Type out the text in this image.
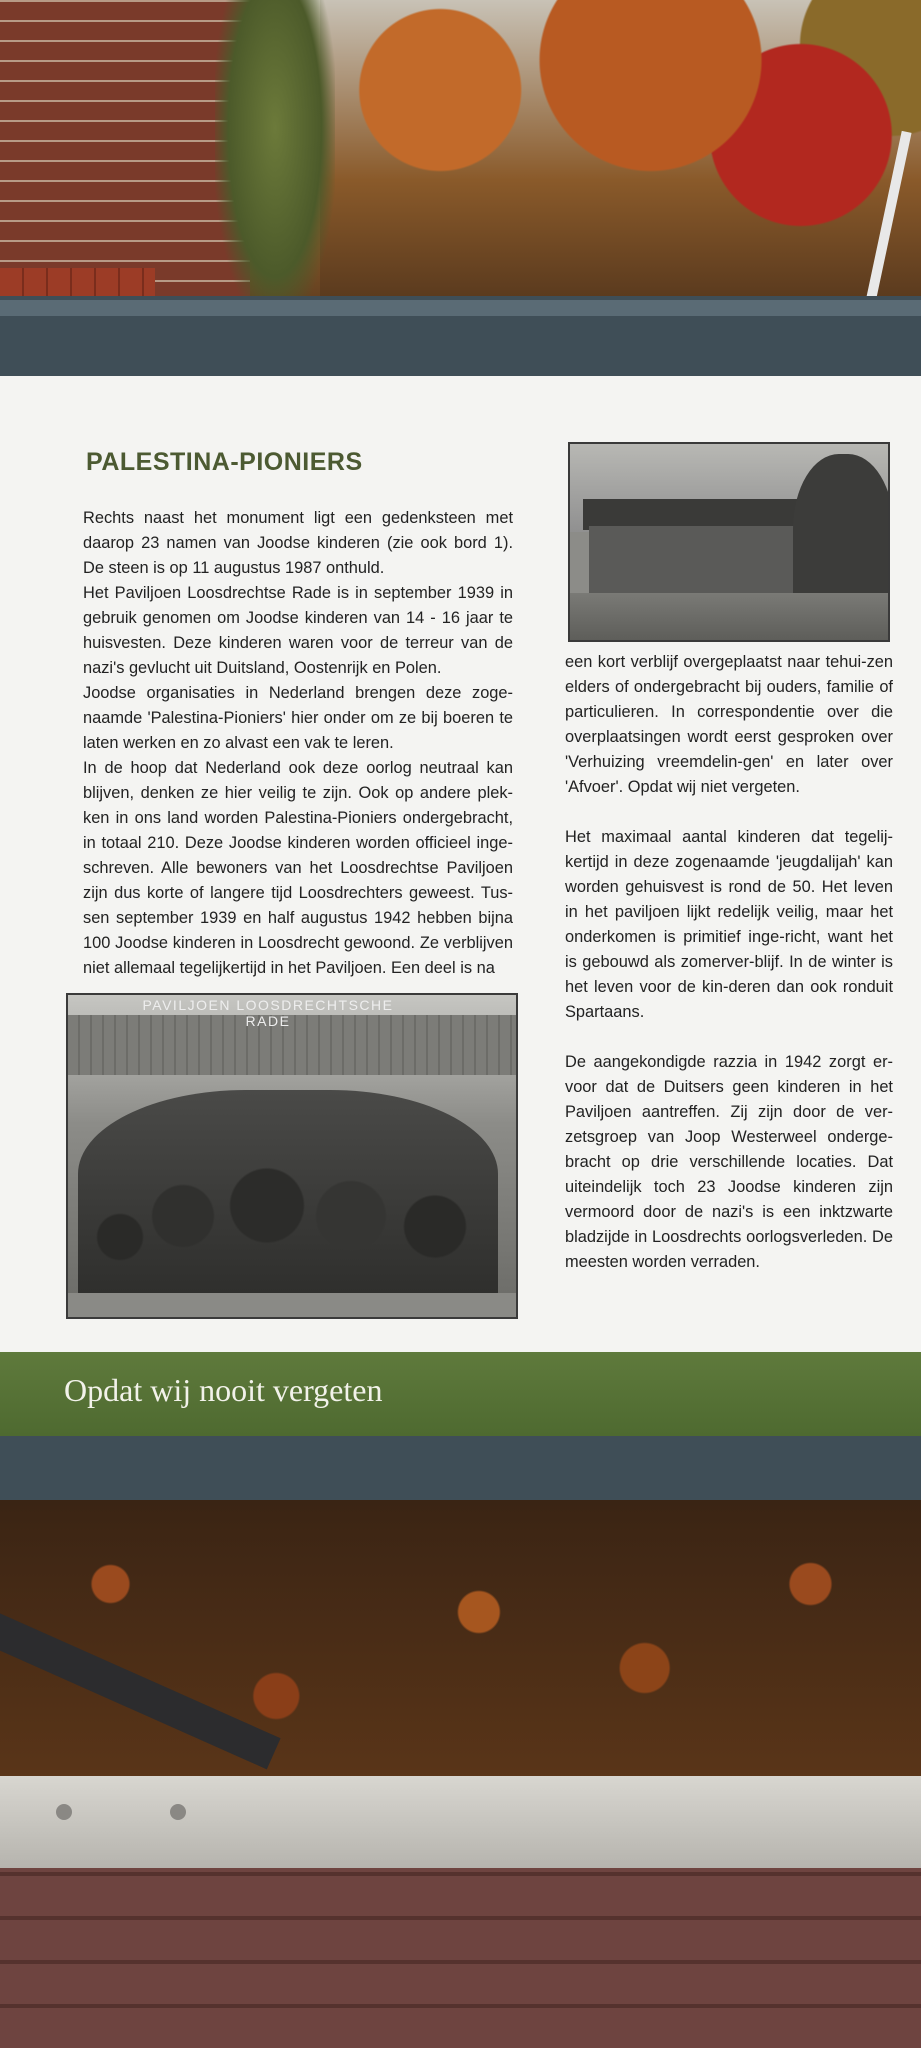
PALESTINA-PIONIERS

Rechts naast het monument ligt een gedenksteen met daarop 23 namen van Joodse kinderen (zie ook bord 1). De steen is op 11 augustus 1987 onthuld.

Het Paviljoen Loosdrechtse Rade is in september 1939 in gebruik genomen om Joodse kinderen van 14 - 16 jaar te huisvesten. Deze kinderen waren voor de terreur van de nazi's gevlucht uit Duitsland, Oostenrijk en Polen.

Joodse organisaties in Nederland brengen deze zoge-naamde 'Palestina-Pioniers' hier onder om ze bij boeren te laten werken en zo alvast een vak te leren.

In de hoop dat Nederland ook deze oorlog neutraal kan blijven, denken ze hier veilig te zijn. Ook op andere plek-ken in ons land worden Palestina-Pioniers ondergebracht, in totaal 210. Deze Joodse kinderen worden officieel inge-schreven. Alle bewoners van het Loosdrechtse Paviljoen zijn dus korte of langere tijd Loosdrechters geweest. Tus-sen september 1939 en half augustus 1942 hebben bijna 100 Joodse kinderen in Loosdrecht gewoond. Ze verblijven niet allemaal tegelijkertijd in het Paviljoen. Een deel is na

PAVILJOEN LOOSDRECHTSCHE RADE

een kort verblijf overgeplaatst naar tehui-zen elders of ondergebracht bij ouders, familie of particulieren. In correspondentie over die overplaatsingen wordt eerst gesproken over 'Verhuizing vreemdelin-gen' en later over 'Afvoer'. Opdat wij niet vergeten.

Het maximaal aantal kinderen dat tegelij-kertijd in deze zogenaamde 'jeugdalijah' kan worden gehuisvest is rond de 50. Het leven in het paviljoen lijkt redelijk veilig, maar het onderkomen is primitief inge-richt, want het is gebouwd als zomerver-blijf. In de winter is het leven voor de kin-deren dan ook ronduit Spartaans.

De aangekondigde razzia in 1942 zorgt er-voor dat de Duitsers geen kinderen in het Paviljoen aantreffen. Zij zijn door de ver-zetsgroep van Joop Westerweel onderge-bracht op drie verschillende locaties. Dat uiteindelijk toch 23 Joodse kinderen zijn vermoord door de nazi's is een inktzwarte bladzijde in Loosdrechts oorlogsverleden. De meesten worden verraden.

Opdat wij nooit vergeten
